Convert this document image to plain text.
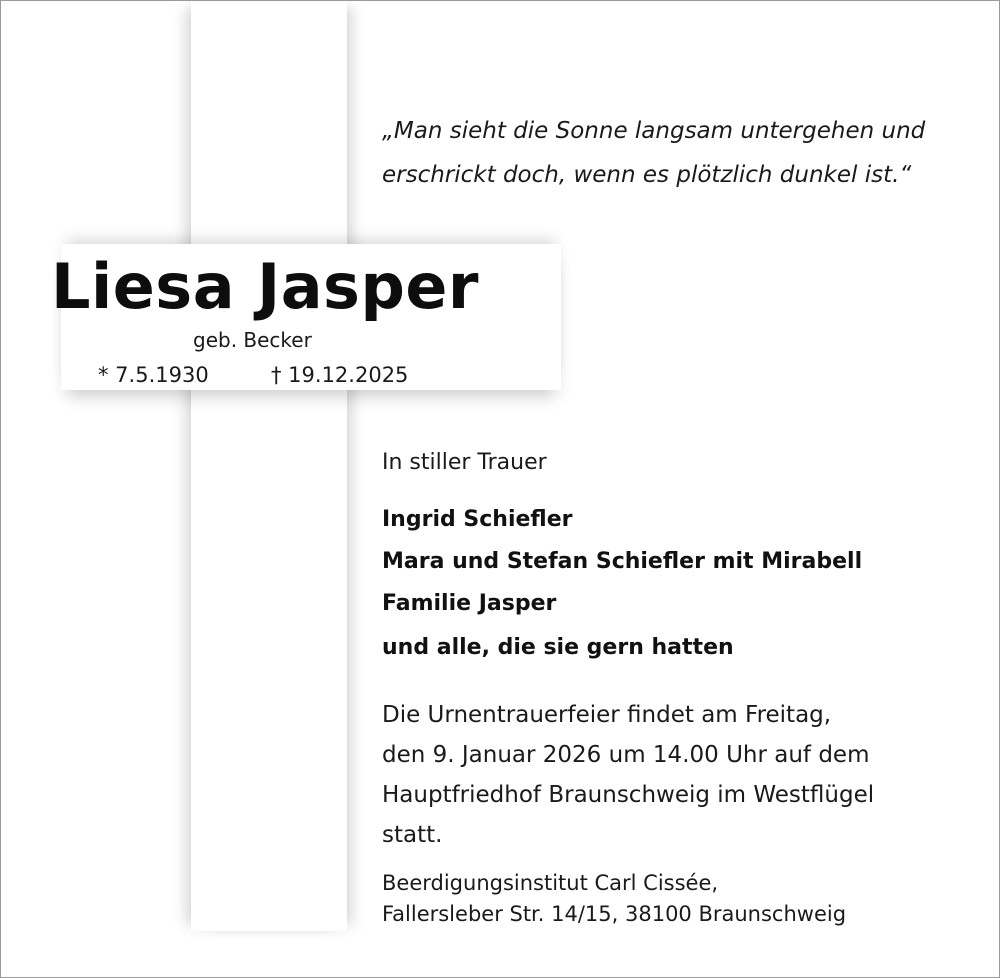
„Man sieht die Sonne langsam untergehen und
erschrickt doch, wenn es plötzlich dunkel ist.“
Liesa Jasper
geb. Becker
* 7.5.1930	† 19.12.2025
In stiller Trauer
Ingrid Schiefler
Mara und Stefan Schiefler mit Mirabell
Familie Jasper
und alle, die sie gern hatten
Die Urnentrauerfeier findet am Freitag,
den 9. Januar 2026 um 14.00 Uhr auf dem
Hauptfriedhof Braunschweig im Westflügel
statt.
Beerdigungsinstitut Carl Cissée,
Fallersleber Str. 14/15, 38100 Braunschweig
